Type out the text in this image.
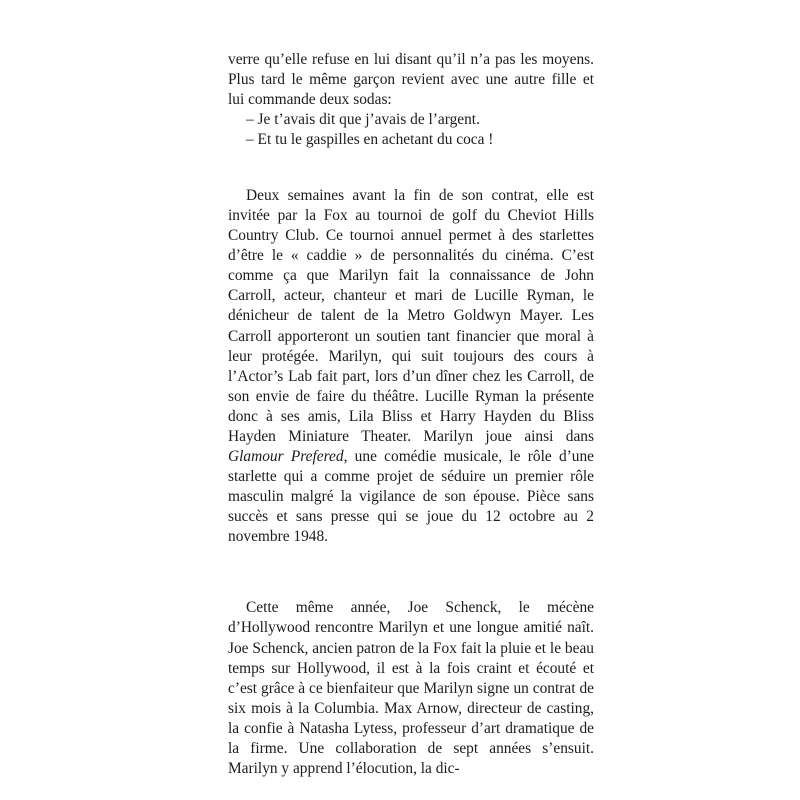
verre qu’elle refuse en lui disant qu’il n’a pas les moyens.
Plus tard le même garçon revient avec une autre fille et
lui commande deux sodas:
– Je t’avais dit que j’avais de l’argent.
– Et tu le gaspilles en achetant du coca !

Deux semaines avant la fin de son contrat, elle est invitée par la Fox au tournoi de golf du Cheviot Hills Country Club. Ce tournoi annuel permet à des starlettes d’être le « caddie » de personnalités du cinéma. C’est comme ça que Marilyn fait la connaissance de John Carroll, acteur, chanteur et mari de Lucille Ryman, le dénicheur de talent de la Metro Goldwyn Mayer. Les Carroll apporteront un soutien tant financier que moral à leur protégée. Marilyn, qui suit toujours des cours à l’Actor’s Lab fait part, lors d’un dîner chez les Carroll, de son envie de faire du théâtre. Lucille Ryman la présente donc à ses amis, Lila Bliss et Harry Hayden du Bliss Hayden Miniature Theater. Marilyn joue ainsi dans Glamour Prefered, une comédie musicale, le rôle d’une starlette qui a comme projet de séduire un premier rôle masculin malgré la vigilance de son épouse. Pièce sans succès et sans presse qui se joue du 12 octobre au 2 novembre 1948.

Cette même année, Joe Schenck, le mécène d’Hollywood rencontre Marilyn et une longue amitié naît. Joe Schenck, ancien patron de la Fox fait la pluie et le beau temps sur Hollywood, il est à la fois craint et écouté et c’est grâce à ce bienfaiteur que Marilyn signe un contrat de six mois à la Columbia. Max Arnow, directeur de casting, la confie à Natasha Lytess, professeur d’art dramatique de la firme. Une collaboration de sept années s’ensuit. Marilyn y apprend l’élocution, la dic-
